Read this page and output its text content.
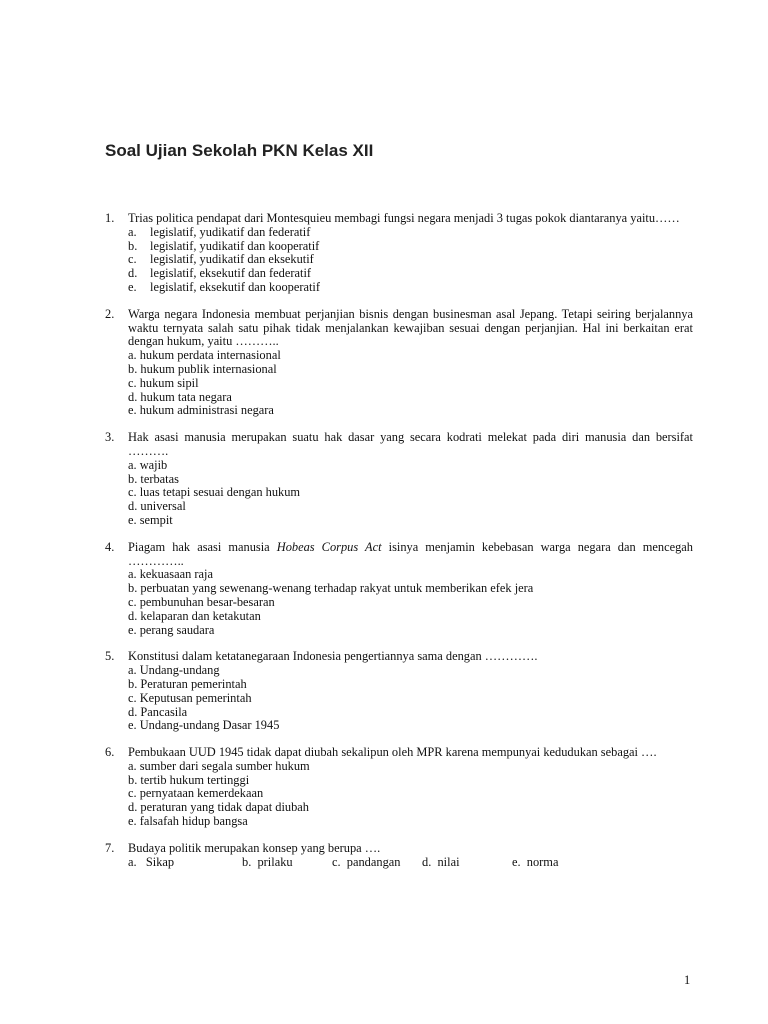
Soal Ujian Sekolah PKN Kelas XII
1. Trias politica pendapat dari Montesquieu membagi fungsi negara menjadi 3 tugas pokok diantaranya yaitu……
a. legislatif, yudikatif dan federatif
b. legislatif, yudikatif dan kooperatif
c. legislatif, yudikatif dan eksekutif
d. legislatif, eksekutif dan federatif
e. legislatif, eksekutif dan kooperatif
2. Warga negara Indonesia membuat perjanjian bisnis dengan businesman asal Jepang. Tetapi seiring berjalannya waktu ternyata salah satu pihak tidak menjalankan kewajiban sesuai dengan perjanjian. Hal ini berkaitan erat dengan hukum, yaitu ………..
a. hukum perdata internasional
b. hukum publik internasional
c. hukum sipil
d. hukum tata negara
e. hukum administrasi negara
3. Hak asasi manusia merupakan suatu hak dasar yang secara kodrati melekat pada diri manusia dan bersifat ……….
a. wajib
b. terbatas
c. luas tetapi sesuai dengan hukum
d. universal
e. sempit
4. Piagam hak asasi manusia Hobeas Corpus Act isinya menjamin kebebasan warga negara dan mencegah …………..
a. kekuasaan raja
b. perbuatan yang sewenang-wenang terhadap rakyat untuk memberikan efek jera
c. pembunuhan besar-besaran
d. kelaparan dan ketakutan
e. perang saudara
5. Konstitusi dalam ketatanegaraan Indonesia pengertiannya sama dengan ………….
a. Undang-undang
b. Peraturan pemerintah
c. Keputusan pemerintah
d. Pancasila
e. Undang-undang Dasar 1945
6. Pembukaan UUD 1945 tidak dapat diubah sekalipun oleh MPR karena mempunyai kedudukan sebagai ….
a. sumber dari segala sumber hukum
b. tertib hukum tertinggi
c. pernyataan kemerdekaan
d. peraturan yang tidak dapat diubah
e. falsafah hidup bangsa
7. Budaya politik merupakan konsep yang berupa ….
a.   Sikap	b.  prilaku	c.  pandangan	d.  nilai	e.  norma
1
